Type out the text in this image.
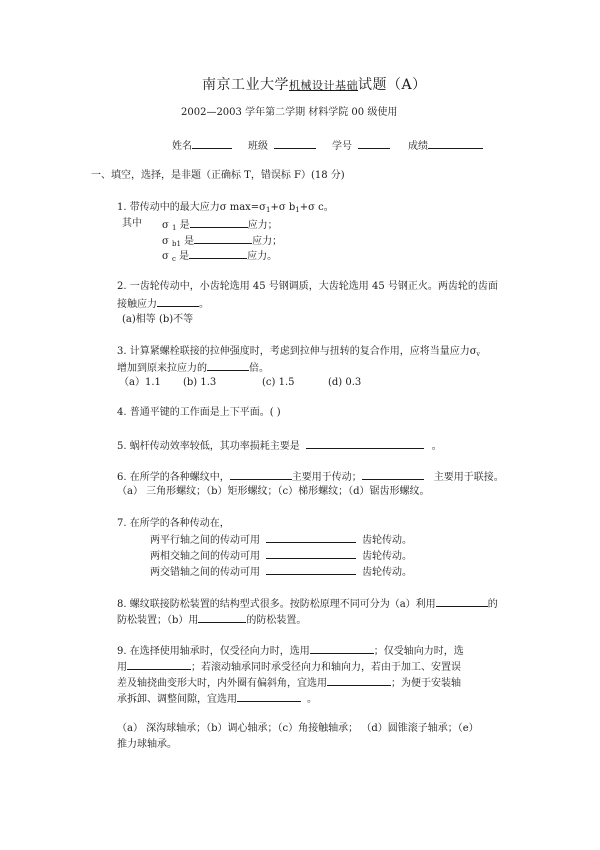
南京工业大学机械设计基础试题（A）
2002—2003 学年第二学期 材料学院 00 级使用
姓名	班级	学号	成绩
一、填空，选择，是非题（正确标 T，错误标 F）(18 分)
1. 带传动中的最大应力σ $\max=\sigma_1+\sigma$ $b_1+\sigma$ c。
其中 σ $_1$ 是	应力；
σ $_{b1}$ 是	应力；
σ $_c$ 是	应力。
2. 一齿轮传动中，小齿轮选用 45 号钢调质，大齿轮选用 45 号钢正火。两齿轮的齿面
接触应力	。
(a)相等 (b)不等
3. 计算紧螺栓联接的拉伸强度时，考虑到拉伸与扭转的复合作用，应将当量应力$\sigma_v$
增加到原来拉应力的	倍。
（a）1.1 (b) 1.3	(c) 1.5	(d) 0.3
4. 普通平键的工作面是上下平面。( )
5. 蜗杆传动效率较低，其功率损耗主要是	。
6. 在所学的各种螺纹中，	主要用于传动；	主要用于联接。
（a） 三角形螺纹；（b）矩形螺纹；（c）梯形螺纹；（d）锯齿形螺纹。
7. 在所学的各种传动在，
两平行轴之间的传动可用	齿轮传动。
两相交轴之间的传动可用	齿轮传动。
两交错轴之间的传动可用	齿轮传动。
8. 螺纹联接防松装置的结构型式很多。按防松原理不同可分为（a）利用	的
防松装置；（b）用	的防松装置。
9. 在选择使用轴承时，仅受径向力时，选用	；仅受轴向力时，选
用	；若滚动轴承同时承受径向力和轴向力，若由于加工、安置误
差及轴挠曲变形大时，内外圈有偏斜角，宜选用	；为便于安装轴
承拆卸、调整间隙，宜选用	。
（a） 深沟球轴承；（b）调心轴承；（c）角接触轴承； （d）圆锥滚子轴承；（e）
推力球轴承。
